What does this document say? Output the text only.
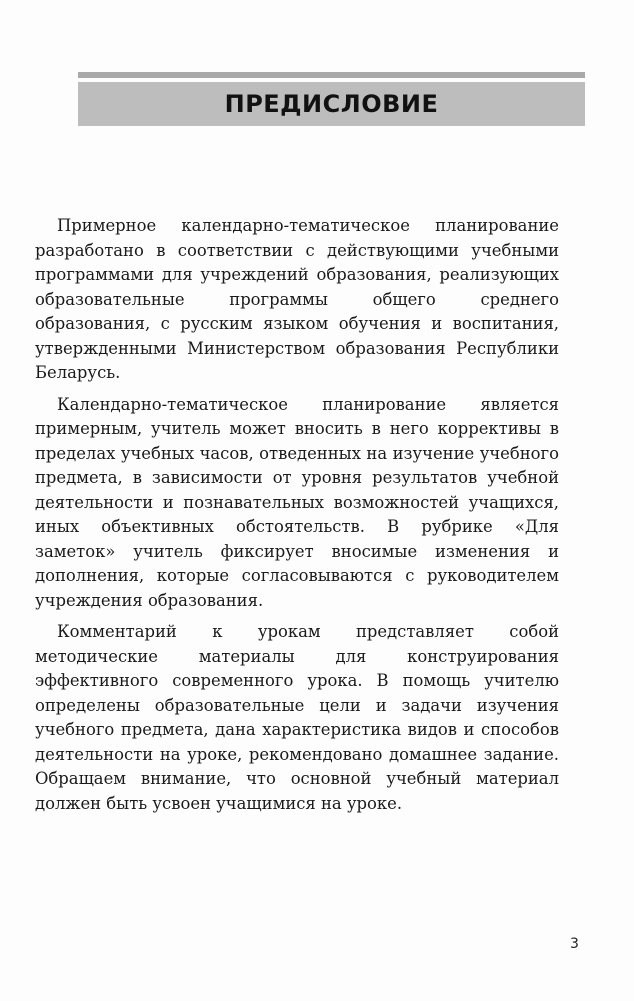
ПРЕДИСЛОВИЕ

Примерное календарно-тематическое планирование разработано в соответствии с действующими учебными программами для учреждений образования, реализующих образовательные программы общего среднего образования, с русским языком обучения и воспитания, утвержденными Министерством образования Республики Беларусь.

Календарно-тематическое планирование является примерным, учитель может вносить в него коррективы в пределах учебных часов, отведенных на изучение учебного предмета, в зависимости от уровня результатов учебной деятельности и познавательных возможностей учащихся, иных объективных обстоятельств. В рубрике «Для заметок» учитель фиксирует вносимые изменения и дополнения, которые согласовываются с руководителем учреждения образования.

Комментарий к урокам представляет собой методические материалы для конструирования эффективного современного урока. В помощь учителю определены образовательные цели и задачи изучения учебного предмета, дана характеристика видов и способов деятельности на уроке, рекомендовано домашнее задание. Обращаем внимание, что основной учебный материал должен быть усвоен учащимися на уроке.

3
